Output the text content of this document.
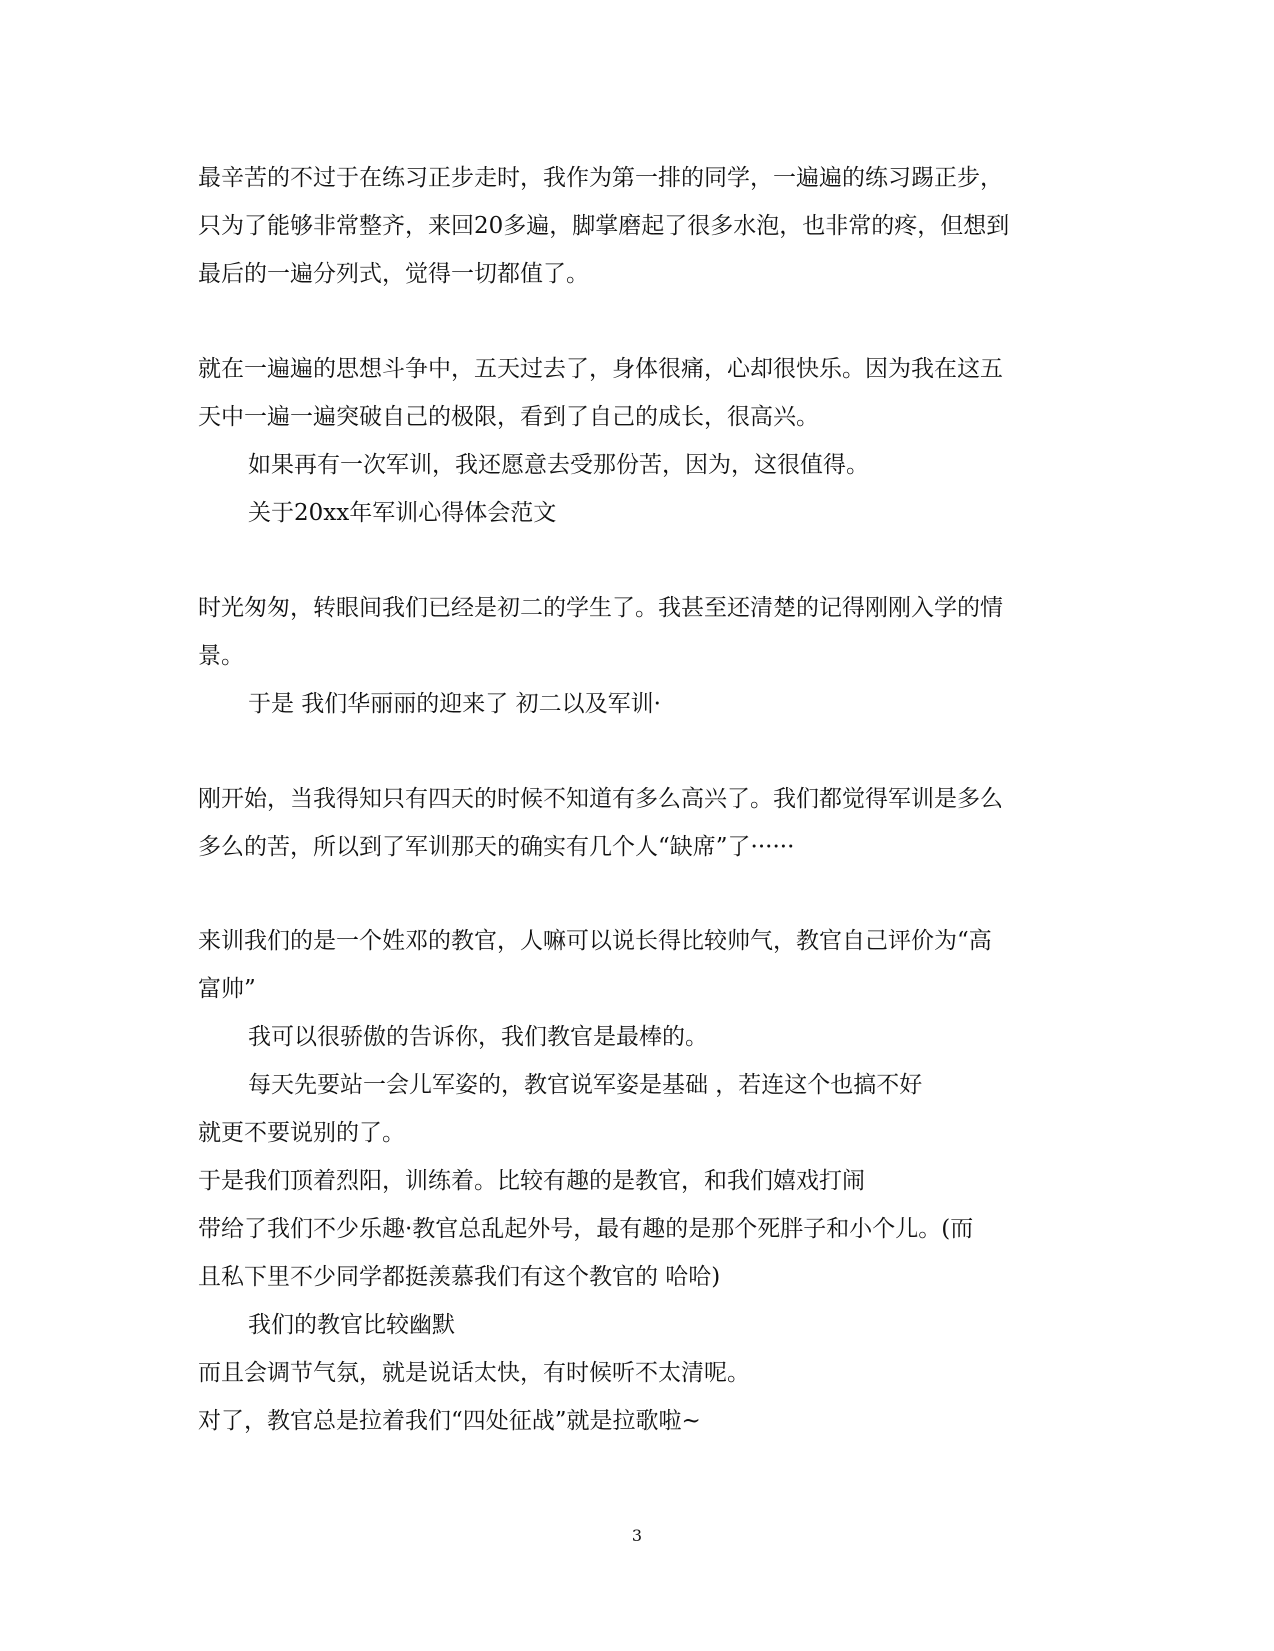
最辛苦的不过于在练习正步走时，我作为第一排的同学，一遍遍的练习踢正步，
只为了能够非常整齐，来回20多遍，脚掌磨起了很多水泡，也非常的疼，但想到
最后的一遍分列式，觉得一切都值了。
就在一遍遍的思想斗争中，五天过去了，身体很痛，心却很快乐。因为我在这五
天中一遍一遍突破自己的极限，看到了自己的成长，很高兴。
如果再有一次军训，我还愿意去受那份苦，因为，这很值得。
关于20xx年军训心得体会范文
时光匆匆，转眼间我们已经是初二的学生了。我甚至还清楚的记得刚刚入学的情
景。
于是 我们华丽丽的迎来了 初二以及军训·
刚开始，当我得知只有四天的时候不知道有多么高兴了。我们都觉得军训是多么
多么的苦，所以到了军训那天的确实有几个人“缺席”了······
来训我们的是一个姓邓的教官，人嘛可以说长得比较帅气，教官自己评价为“高
富帅”
我可以很骄傲的告诉你，我们教官是最棒的。
每天先要站一会儿军姿的，教官说军姿是基础 ，若连这个也搞不好
就更不要说别的了。
于是我们顶着烈阳，训练着。比较有趣的是教官，和我们嬉戏打闹
带给了我们不少乐趣·教官总乱起外号，最有趣的是那个死胖子和小个儿。(而
且私下里不少同学都挺羡慕我们有这个教官的 哈哈)
我们的教官比较幽默
而且会调节气氛，就是说话太快，有时候听不太清呢。
对了，教官总是拉着我们“四处征战”就是拉歌啦~
3
